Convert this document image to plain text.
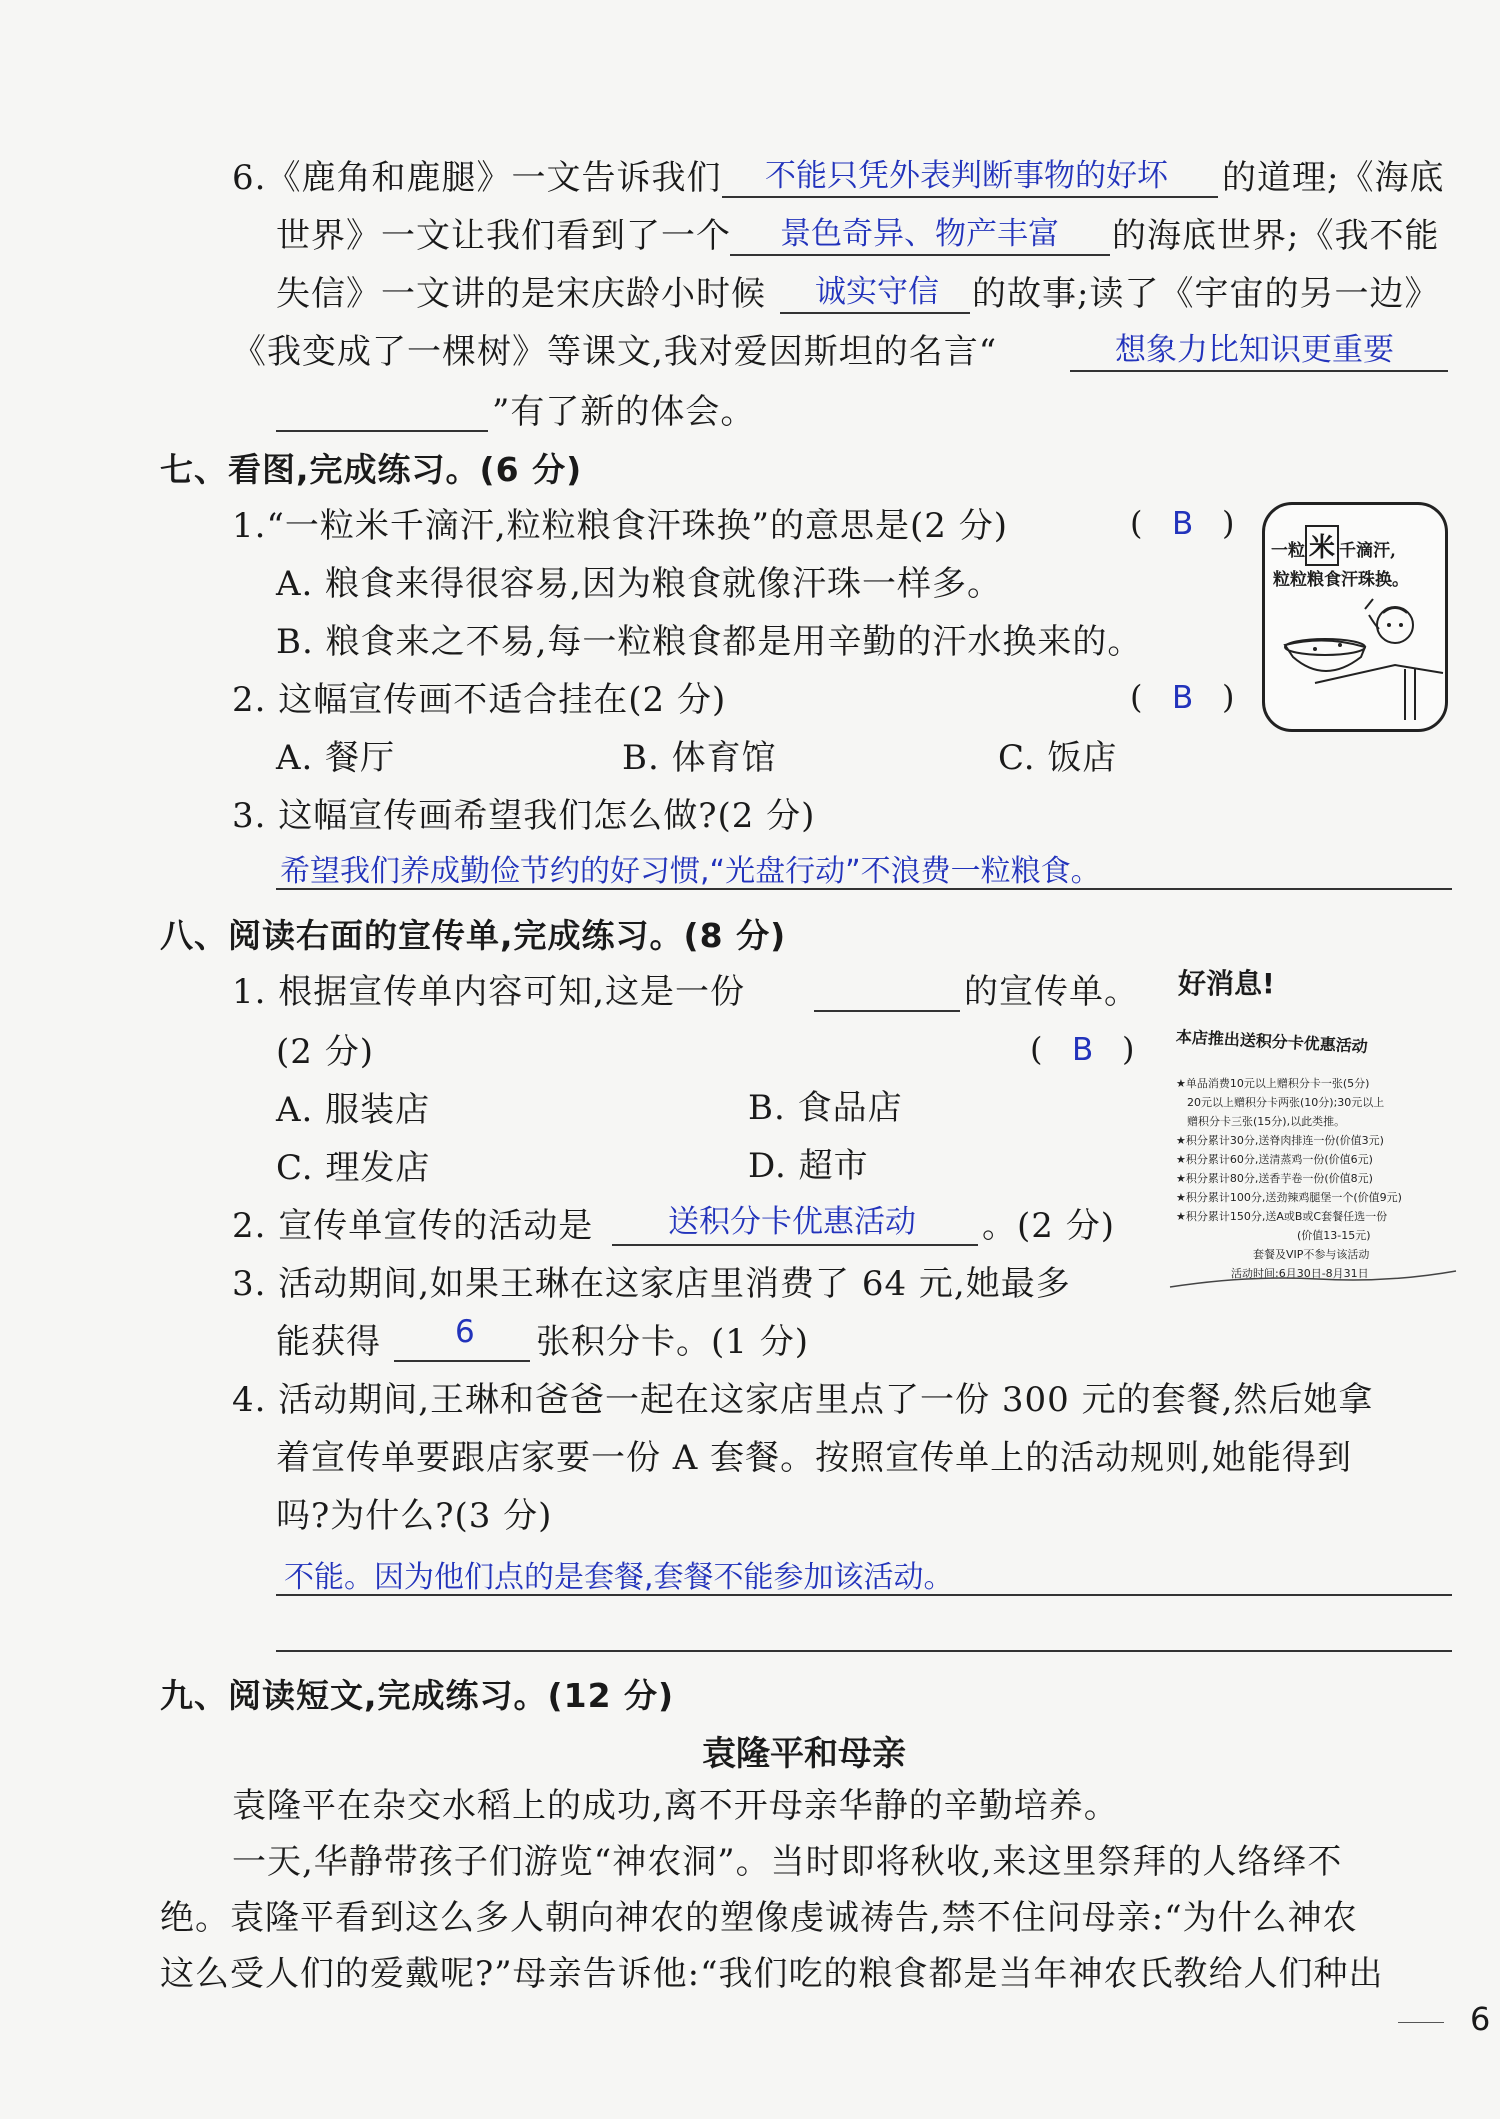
6.《鹿角和鹿腿》一文告诉我们 不能只凭外表判断事物的好坏 的道理;《海底
世界》一文让我们看到了一个 景色奇异、物产丰富 的海底世界;《我不能
失信》一文讲的是宋庆龄小时候 诚实守信 的故事;读了《宇宙的另一边》
《我变成了一棵树》等课文,我对爱因斯坦的名言“	想象力比知识更重要
”有了新的体会。
七、看图,完成练习。(6 分)
1.“一粒米千滴汗,粒粒粮食汗珠换”的意思是(2 分)	( B )
A. 粮食来得很容易,因为粮食就像汗珠一样多。
B. 粮食来之不易,每一粒粮食都是用辛勤的汗水换来的。
2. 这幅宣传画不适合挂在(2 分)	( B )
A. 餐厅	B. 体育馆	C. 饭店
3. 这幅宣传画希望我们怎么做?(2 分)
希望我们养成勤俭节约的好习惯,“光盘行动”不浪费一粒粮食。
一粒 米 千滴汗,
粒粒粮食汗珠换。
八、阅读右面的宣传单,完成练习。(8 分)
1. 根据宣传单内容可知,这是一份	的宣传单。
(2 分)	( B )
A. 服装店	B. 食品店
C. 理发店	D. 超市
2. 宣传单宣传的活动是 送积分卡优惠活动 。(2 分)
3. 活动期间,如果王琳在这家店里消费了 64 元,她最多
能获得 6 张积分卡。(1 分)
4. 活动期间,王琳和爸爸一起在这家店里点了一份 300 元的套餐,然后她拿
着宣传单要跟店家要一份 A 套餐。按照宣传单上的活动规则,她能得到
吗?为什么?(3 分)
不能。因为他们点的是套餐,套餐不能参加该活动。
好消息!
本店推出送积分卡优惠活动
★单品消费10元以上赠积分卡一张(5分)
　20元以上赠积分卡两张(10分);30元以上
　赠积分卡三张(15分),以此类推。
★积分累计30分,送脊肉排连一份(价值3元)
★积分累计60分,送清蒸鸡一份(价值6元)
★积分累计80分,送香芋卷一份(价值8元)
★积分累计100分,送劲辣鸡腿堡一个(价值9元)
★积分累计150分,送A或B或C套餐任选一份
　　　　　　　　　　　(价值13-15元)
　　　　　　　套餐及VIP不参与该活动
　　　　　活动时间:6月30日-8月31日
九、阅读短文,完成练习。(12 分)
袁隆平和母亲
袁隆平在杂交水稻上的成功,离不开母亲华静的辛勤培养。
一天,华静带孩子们游览“神农洞”。当时即将秋收,来这里祭拜的人络绎不
绝。袁隆平看到这么多人朝向神农的塑像虔诚祷告,禁不住问母亲:“为什么神农
这么受人们的爱戴呢?”母亲告诉他:“我们吃的粮食都是当年神农氏教给人们种出
6
